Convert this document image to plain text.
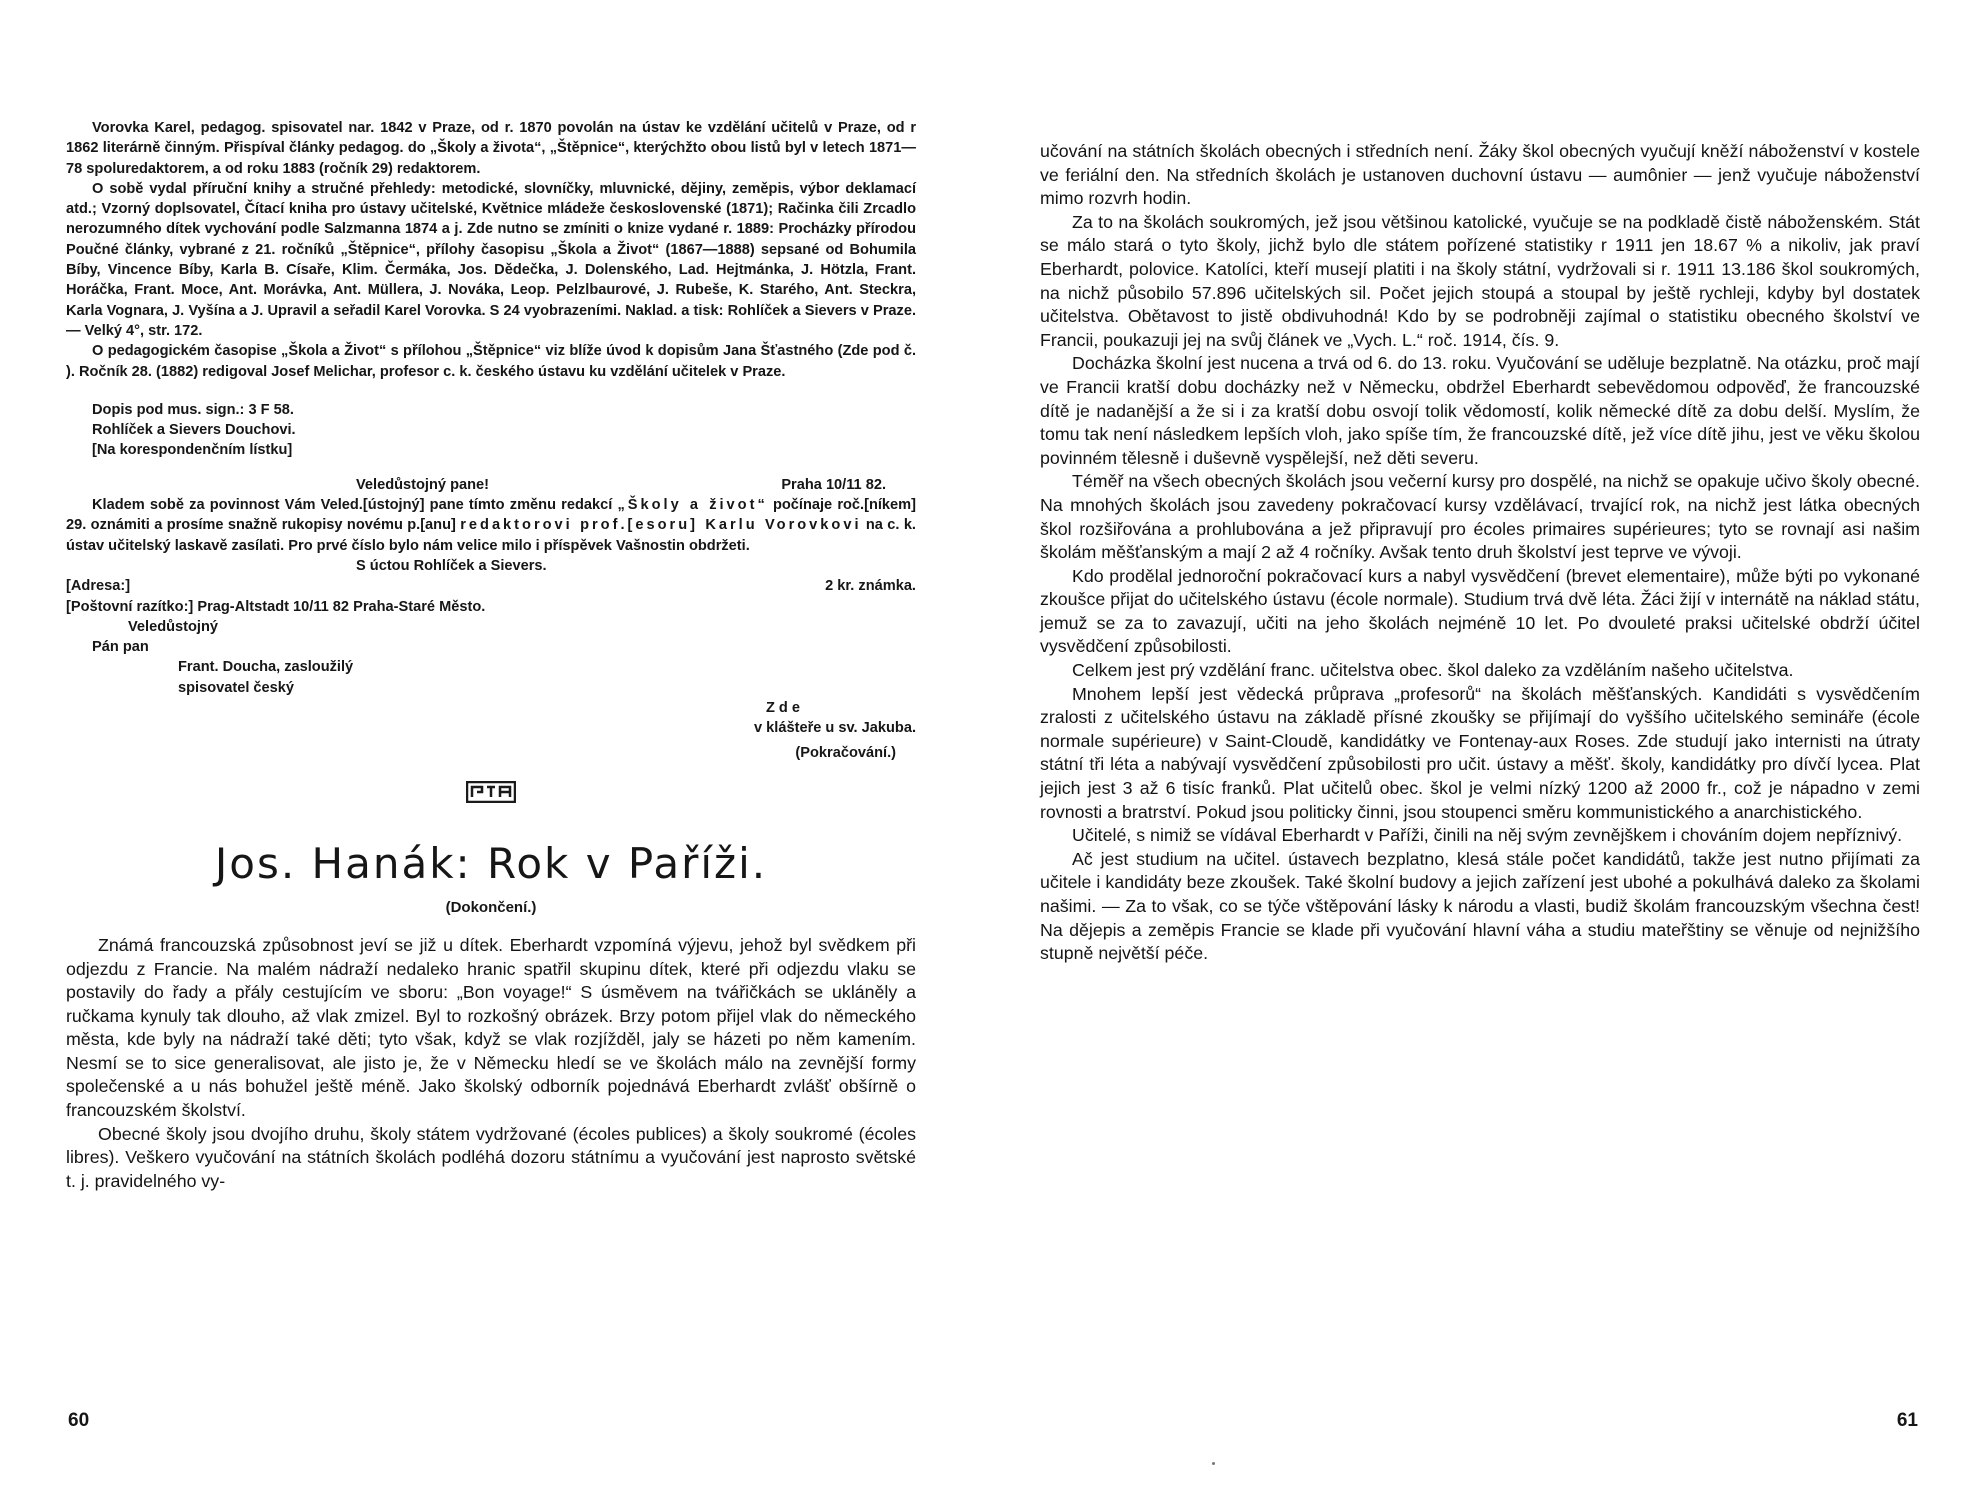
Vorovka Karel, pedagog. spisovatel nar. 1842 v Praze, od r. 1870 povolán na ústav ke vzdělání učitelů v Praze, od r 1862 literárně činným. Přispíval články pedagog. do „Školy a života“, „Štěpnice“, kterýchžto obou listů byl v letech 1871—78 spoluredaktorem, a od roku 1883 (ročník 29) redaktorem.

O sobě vydal příruční knihy a stručné přehledy: metodické, slovníčky, mluvnické, dějiny, zeměpis, výbor deklamací atd.; Vzorný doplsovatel, Čítací kniha pro ústavy učitelské, Květnice mládeže československé (1871); Račinka čili Zrcadlo nerozumného dítek vychování podle Salzmanna 1874 a j. Zde nutno se zmíniti o knize vydané r. 1889: Procházky přírodou Poučné články, vybrané z 21. ročníků „Štěpnice“, přílohy časopisu „Škola a Život“ (1867—1888) sepsané od Bohumila Bíby, Vincence Bíby, Karla B. Císaře, Klim. Čermáka, Jos. Dědečka, J. Dolenského, Lad. Hejtmánka, J. Hötzla, Frant. Horáčka, Frant. Moce, Ant. Morávka, Ant. Müllera, J. Nováka, Leop. Pelzlbaurové, J. Rubeše, K. Starého, Ant. Steckra, Karla Vognara, J. Vyšína a J. Upravil a seřadil Karel Vorovka. S 24 vyobrazeními. Naklad. a tisk: Rohlíček a Sievers v Praze. — Velký 4°, str. 172.

O pedagogickém časopise „Škola a Život“ s přílohou „Štěpnice“ viz blíže úvod k dopisům Jana Šťastného (Zde pod č. ). Ročník 28. (1882) redigoval Josef Melichar, profesor c. k. českého ústavu ku vzdělání učitelek v Praze.

Dopis pod mus. sign.: 3 F 58.

Rohlíček a Sievers Douchovi.

[Na korespondenčním lístku]

Veledůstojný pane!	Praha 10/11 82.

Kladem sobě za povinnost Vám Veled.[ústojný] pane tímto změnu redakcí „Školy a život“ počínaje roč.[níkem] 29. oznámiti a prosíme snažně rukopisy novému p.[anu] redaktorovi prof.[esoru] Karlu Vorovkovi na c. k. ústav učitelský laskavě zasílati. Pro prvé číslo bylo nám velice milo i příspěvek Vašnostin obdržeti.

S úctou Rohlíček a Sievers.

[Adresa:]	2 kr. známka.

[Poštovní razítko:] Prag-Altstadt 10/11 82 Praha-Staré Město.

Veledůstojný

Pán pan

Frant. Doucha, zasloužilý

spisovatel český

Zde

v klášteře u sv. Jakuba.

(Pokračování.)

Jos. Hanák: Rok v Paříži.

(Dokončení.)

Známá francouzská způsobnost jeví se již u dítek. Eberhardt vzpomíná výjevu, jehož byl svědkem při odjezdu z Francie. Na malém nádraží nedaleko hranic spatřil skupinu dítek, které při odjezdu vlaku se postavily do řady a přály cestujícím ve sboru: „Bon voyage!“ S úsměvem na tvářičkách se ukláněly a ručkama kynuly tak dlouho, až vlak zmizel. Byl to rozkošný obrázek. Brzy potom přijel vlak do německého města, kde byly na nádraží také děti; tyto však, když se vlak rozjížděl, jaly se házeti po něm kamením. Nesmí se to sice generalisovat, ale jisto je, že v Německu hledí se ve školách málo na zevnější formy společenské a u nás bohužel ještě méně. Jako školský odborník pojednává Eberhardt zvlášť obšírně o francouzském školství.

Obecné školy jsou dvojího druhu, školy státem vydržované (écoles publices) a školy soukromé (écoles libres). Veškero vyučování na státních školách podléhá dozoru státnímu a vyučování jest naprosto světské t. j. pravidelného vy-

60

učování na státních školách obecných i středních není. Žáky škol obecných vyučují kněží náboženství v kostele ve feriální den. Na středních školách je ustanoven duchovní ústavu — aumônier — jenž vyučuje náboženství mimo rozvrh hodin.

Za to na školách soukromých, jež jsou většinou katolické, vyučuje se na podkladě čistě náboženském. Stát se málo stará o tyto školy, jichž bylo dle státem pořízené statistiky r 1911 jen 18.67 % a nikoliv, jak praví Eberhardt, polovice. Katolíci, kteří musejí platiti i na školy státní, vydržovali si r. 1911 13.186 škol soukromých, na nichž působilo 57.896 učitelských sil. Počet jejich stoupá a stoupal by ještě rychleji, kdyby byl dostatek učitelstva. Obětavost to jistě obdivuhodná! Kdo by se podrobněji zajímal o statistiku obecného školství ve Francii, poukazuji jej na svůj článek ve „Vych. L.“ roč. 1914, čís. 9.

Docházka školní jest nucena a trvá od 6. do 13. roku. Vyučování se uděluje bezplatně. Na otázku, proč mají ve Francii kratší dobu docházky než v Německu, obdržel Eberhardt sebevědomou odpověď, že francouzské dítě je nadanější a že si i za kratší dobu osvojí tolik vědomostí, kolik německé dítě za dobu delší. Myslím, že tomu tak není následkem lepších vloh, jako spíše tím, že francouzské dítě, jež více dítě jihu, jest ve věku školou povinném tělesně i duševně vyspělejší, než děti severu.

Téměř na všech obecných školách jsou večerní kursy pro dospělé, na nichž se opakuje učivo školy obecné. Na mnohých školách jsou zavedeny pokračovací kursy vzdělávací, trvající rok, na nichž jest látka obecných škol rozšiřována a prohlubována a jež připravují pro écoles primaires supérieures; tyto se rovnají asi našim školám měšťanským a mají 2 až 4 ročníky. Avšak tento druh školství jest teprve ve vývoji.

Kdo prodělal jednoroční pokračovací kurs a nabyl vysvědčení (brevet elementaire), může býti po vykonané zkoušce přijat do učitelského ústavu (école normale). Studium trvá dvě léta. Žáci žijí v internátě na náklad státu, jemuž se za to zavazují, učiti na jeho školách nejméně 10 let. Po dvouleté praksi učitelské obdrží účitel vysvědčení způsobilosti.

Celkem jest prý vzdělání franc. učitelstva obec. škol daleko za vzděláním našeho učitelstva.

Mnohem lepší jest vědecká průprava „profesorů“ na školách měšťanských. Kandidáti s vysvědčením zralosti z učitelského ústavu na základě přísné zkoušky se přijímají do vyššího učitelského semináře (école normale supérieure) v Saint-Cloudě, kandidátky ve Fontenay-aux Roses. Zde studují jako internisti na útraty státní tři léta a nabývají vysvědčení způsobilosti pro učit. ústavy a měšť. školy, kandidátky pro dívčí lycea. Plat jejich jest 3 až 6 tisíc franků. Plat učitelů obec. škol je velmi nízký 1200 až 2000 fr., což je nápadno v zemi rovnosti a bratrství. Pokud jsou politicky činni, jsou stoupenci směru kommunistického a anarchistického.

Učitelé, s nimiž se vídával Eberhardt v Paříži, činili na něj svým zevnějškem i chováním dojem nepříznivý.

Ač jest studium na učitel. ústavech bezplatno, klesá stále počet kandidátů, takže jest nutno přijímati za učitele i kandidáty beze zkoušek. Také školní budovy a jejich zařízení jest ubohé a pokulhává daleko za školami našimi. — Za to však, co se týče vštěpování lásky k národu a vlasti, budiž školám francouzským všechna čest! Na dějepis a zeměpis Francie se klade při vyučování hlavní váha a studiu mateřštiny se věnuje od nejnižšího stupně největší péče.

61
